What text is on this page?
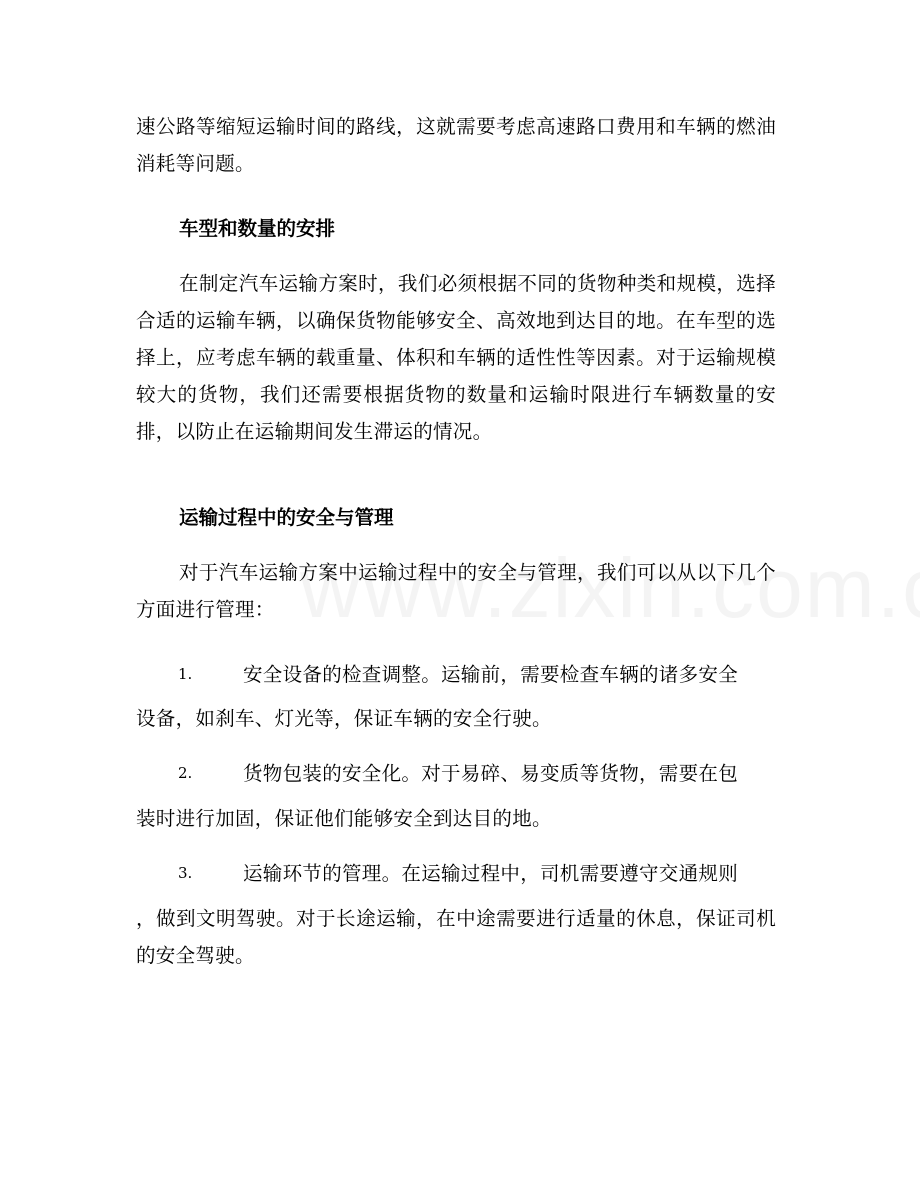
速公路等缩短运输时间的路线，这就需要考虑高速路口费用和车辆的燃油消耗等问题。

车型和数量的安排

在制定汽车运输方案时，我们必须根据不同的货物种类和规模，选择合适的运输车辆，以确保货物能够安全、高效地到达目的地。在车型的选择上，应考虑车辆的载重量、体积和车辆的适性性等因素。对于运输规模较大的货物，我们还需要根据货物的数量和运输时限进行车辆数量的安排，以防止在运输期间发生滞运的情况。

运输过程中的安全与管理

对于汽车运输方案中运输过程中的安全与管理，我们可以从以下几个方面进行管理：

1.	安全设备的检查调整。运输前，需要检查车辆的诸多安全

设备，如刹车、灯光等，保证车辆的安全行驶。

2.	货物包装的安全化。对于易碎、易变质等货物，需要在包

装时进行加固，保证他们能够安全到达目的地。

3.	运输环节的管理。在运输过程中，司机需要遵守交通规则

，做到文明驾驶。对于长途运输，在中途需要进行适量的休息，保证司机的安全驾驶。
